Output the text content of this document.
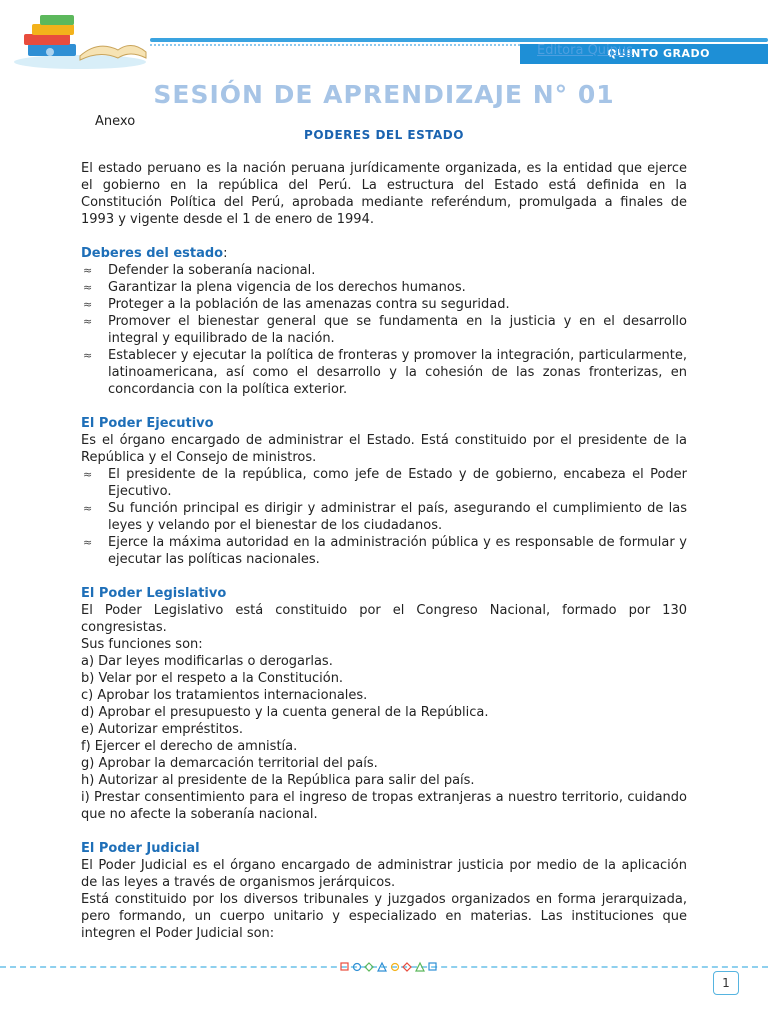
QUINTO GRADO
Editora Quipus
SESIÓN DE APRENDIZAJE N° 01
Anexo
PODERES DEL ESTADO

El estado peruano es la nación peruana jurídicamente organizada, es la entidad que ejerce el gobierno en la república del Perú. La estructura del Estado está definida en la Constitución Política del Perú, aprobada mediante referéndum, promulgada a finales de 1993 y vigente desde el 1 de enero de 1994.

Deberes del estado:

≈ Defender la soberanía nacional.
≈ Garantizar la plena vigencia de los derechos humanos.
≈ Proteger a la población de las amenazas contra su seguridad.
≈ Promover el bienestar general que se fundamenta en la justicia y en el desarrollo integral y equilibrado de la nación.
≈ Establecer y ejecutar la política de fronteras y promover la integración, particularmente, latinoamericana, así como el desarrollo y la cohesión de las zonas fronterizas, en concordancia con la política exterior.

El Poder Ejecutivo

Es el órgano encargado de administrar el Estado. Está constituido por el presidente de la República y el Consejo de ministros.

≈ El presidente de la república, como jefe de Estado y de gobierno, encabeza el Poder Ejecutivo.
≈ Su función principal es dirigir y administrar el país, asegurando el cumplimiento de las leyes y velando por el bienestar de los ciudadanos.
≈ Ejerce la máxima autoridad en la administración pública y es responsable de formular y ejecutar las políticas nacionales.

El Poder Legislativo

El Poder Legislativo está constituido por el Congreso Nacional, formado por 130 congresistas.

Sus funciones son:

a) Dar leyes modificarlas o derogarlas.

b) Velar por el respeto a la Constitución.

c) Aprobar los tratamientos internacionales.

d) Aprobar el presupuesto y la cuenta general de la República.

e) Autorizar empréstitos.

f) Ejercer el derecho de amnistía.

g) Aprobar la demarcación territorial del país.

h) Autorizar al presidente de la República para salir del país.

i) Prestar consentimiento para el ingreso de tropas extranjeras a nuestro territorio, cuidando que no afecte la soberanía nacional.

El Poder Judicial

El Poder Judicial es el órgano encargado de administrar justicia por medio de la aplicación de las leyes a través de organismos jerárquicos.

Está constituido por los diversos tribunales y juzgados organizados en forma jerarquizada, pero formando, un cuerpo unitario y especializado en materias. Las instituciones que integren el Poder Judicial son:

1
